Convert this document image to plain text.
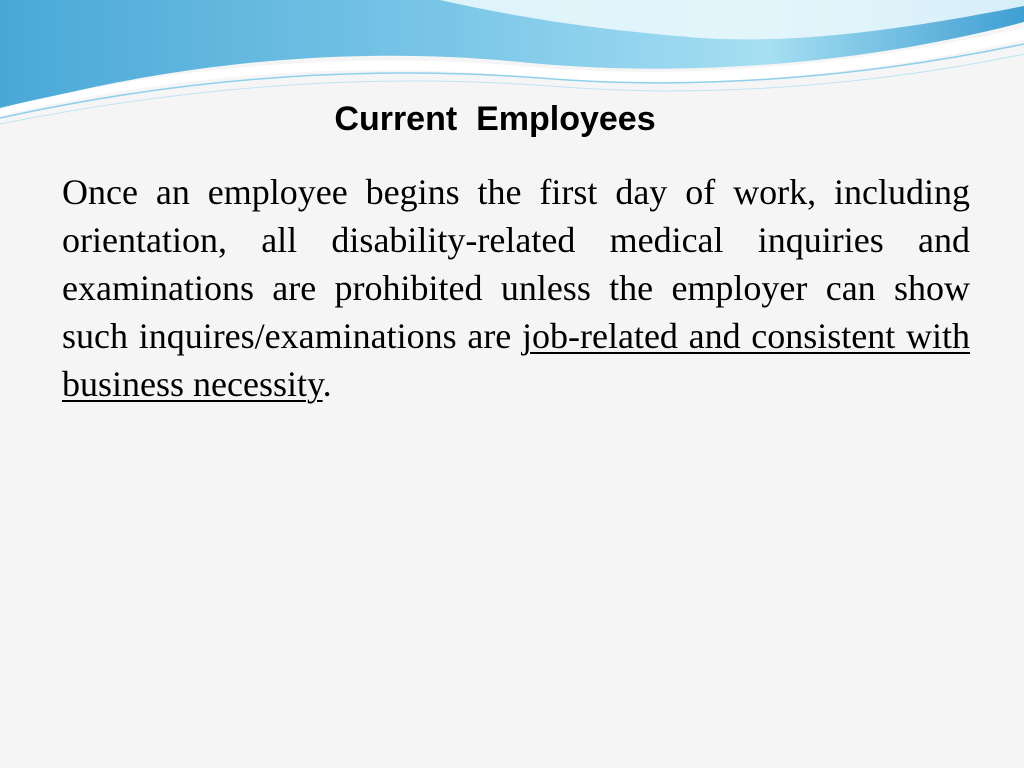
Current  Employees

Once an employee begins the first day of work, including orientation, all disability-related medical inquiries and examinations are prohibited unless the employer can show such inquires/examinations are job-related and consistent with business necessity.
